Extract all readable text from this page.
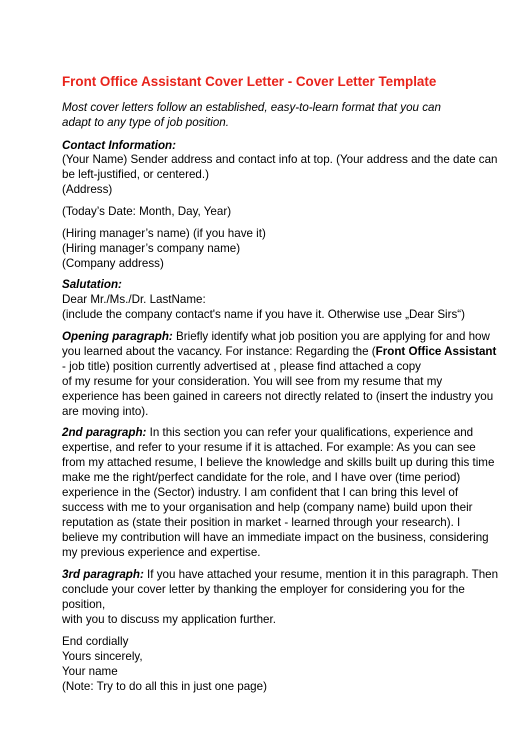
Front Office Assistant Cover Letter - Cover Letter Template
Most cover letters follow an established, easy-to-learn format that you can adapt to any type of job position.
Contact Information:
(Your Name) Sender address and contact info at top. (Your address and the date can
be left-justified, or centered.)
(Address)
(Today’s Date: Month, Day, Year)
(Hiring manager’s name) (if you have it)
(Hiring manager’s company name)
(Company address)
Salutation:
Dear Mr./Ms./Dr. LastName:
(include the company contact's name if you have it. Otherwise use „Dear Sirs“)
Opening paragraph: Briefly identify what job position you are applying for and how
you learned about the vacancy. For instance: Regarding the (Front Office Assistant
- job title) position currently advertised at , please find attached a copy
of my resume for your consideration. You will see from my resume that my
experience has been gained in careers not directly related to (insert the industry you
are moving into).
2nd paragraph: In this section you can refer your qualifications, experience and
expertise, and refer to your resume if it is attached. For example: As you can see
from my attached resume, I believe the knowledge and skills built up during this time
make me the right/perfect candidate for the role, and I have over (time period)
experience in the (Sector) industry. I am confident that I can bring this level of
success with me to your organisation and help (company name) build upon their
reputation as (state their position in market - learned through your research). I
believe my contribution will have an immediate impact on the business, considering
my previous experience and expertise.
3rd paragraph: If you have attached your resume, mention it in this paragraph. Then
conclude your cover letter by thanking the employer for considering you for the
position,
with you to discuss my application further.
End cordially
Yours sincerely,
Your name
(Note: Try to do all this in just one page)
